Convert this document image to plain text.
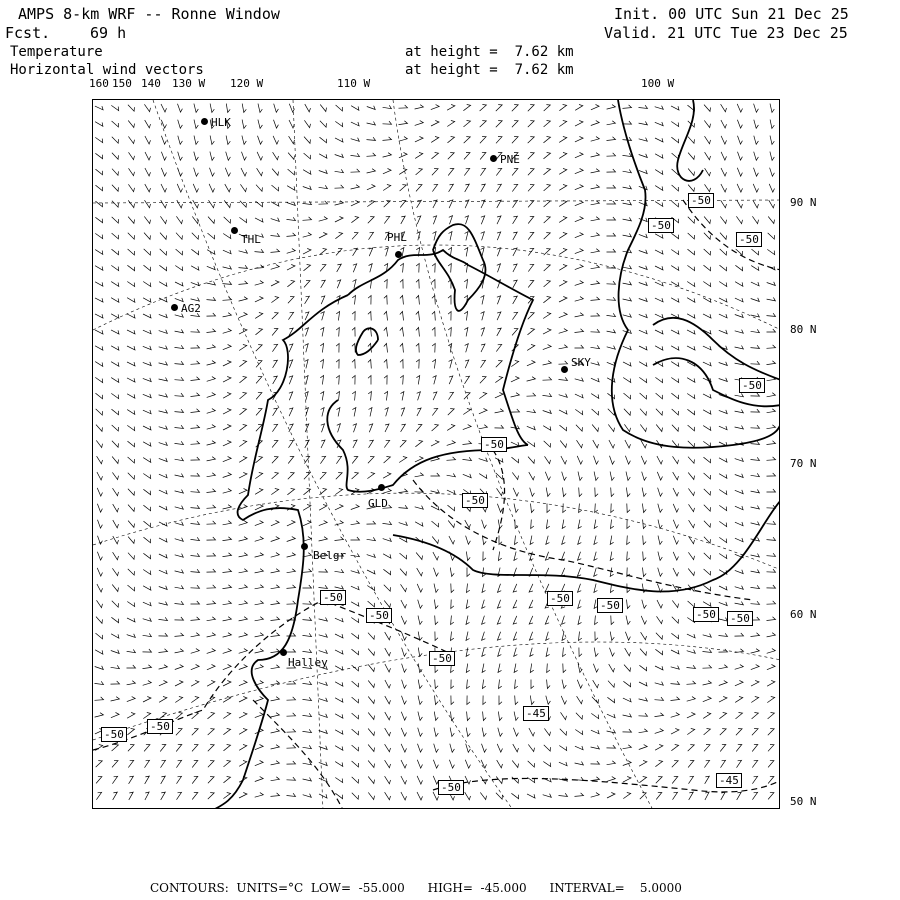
AMPS 8-km WRF -- Ronne Window
Fcst.	69 h
Init. 00 UTC Sun 21 Dec 25
Valid. 21 UTC Tue 23 Dec 25
Temperature
Horizontal wind vectors
at height =  7.62 km
at height =  7.62 km
160 150 140 130 W 120 W	110 W	100 W
90 N
80 N
70 N
60 N
50 N
HLK
PNE
THL	PHL
AG2
SKY
GLD
Belgr
Halley
-50
-50
-50
-50
-50
-50
-50
-50
-50
-50
-50 -50
-50
-50
-50
-50
-45
-45
CONTOURS:  UNITS=°C  LOW=  -55.000      HIGH=  -45.000      INTERVAL=    5.0000
